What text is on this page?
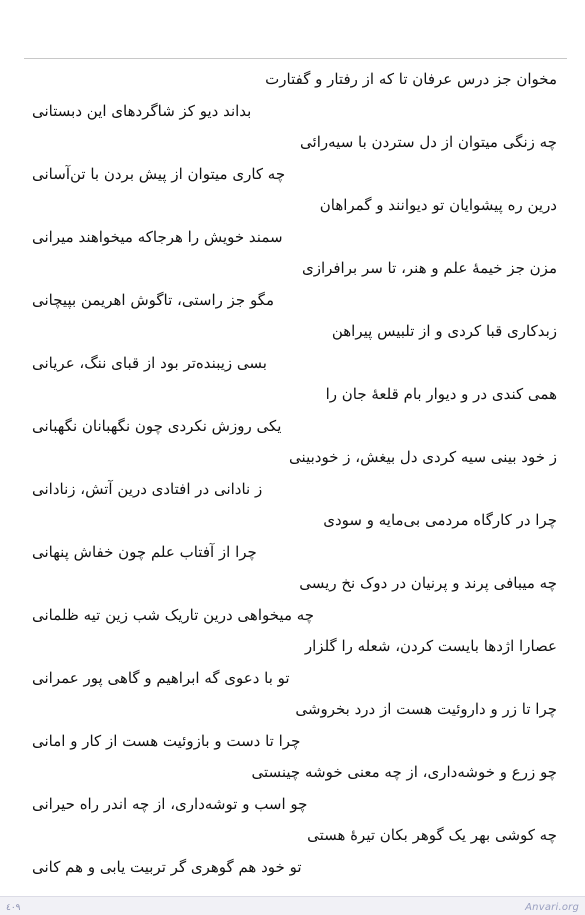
مخوان جز درس عرفان تا که از رفتار و گفتارت
بداند دیو کز شاگردهای این دبستانی
چه زنگی میتوان از دل ستردن با سیه‌رائی
چه کاری میتوان از پیش بردن با تن‌آسانی
درین ره پیشوایان تو دیوانند و گمراهان
سمند خویش را هرجاکه میخواهند میرانی
مزن جز خیمهٔ علم و هنر، تا سر برافرازی
مگو جز راستی، تاگوش اهریمن بپیچانی
زبدکاری قبا کردی و از تلبیس پیراهن
بسی زیبنده‌تر بود از قبای ننگ، عریانی
همی کندی در و دیوار بام قلعهٔ جان را
یکی روزش نکردی چون نگهبانان نگهبانی
ز خود بینی سیه کردی دل بیغش، ز خودبینی
ز نادانی در افتادی درین آتش، زنادانی
چرا در کارگاه مردمی بی‌مایه و سودی
چرا از آفتاب علم چون خفاش پنهانی
چه میبافی پرند و پرنیان در دوک نخ ریسی
چه میخواهی درین تاریک شب زین تیه ظلمانی
عصارا اژدها بایست کردن، شعله را گلزار
تو با دعوی گه ابراهیم و گاهی پور عمرانی
چرا تا زر و داروئیت هست از درد بخروشی
چرا تا دست و بازوئیت هست از کار و امانی
چو زرع و خوشه‌داری، از چه معنی خوشه چینستی
چو اسب و توشه‌داری، از چه اندر راه حیرانی
چه کوشی بهر یک گوهر بکان تیرهٔ هستی
تو خود هم گوهری گر تربیت یابی و هم کانی
٤٠٩	Anvari.org
